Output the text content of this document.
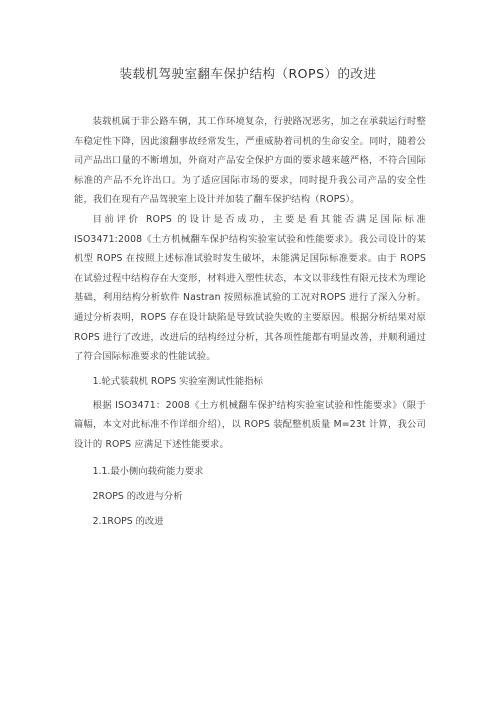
装载机驾驶室翻车保护结构（ROPS）的改进

装载机属于非公路车辆，其工作环境复杂，行驶路况恶劣，加之在承载运行时整车稳定性下降，因此滚翻事故经常发生，严重威胁着司机的生命安全。同时，随着公司产品出口量的不断增加，外商对产品安全保护方面的要求越来越严格，不符合国际标准的产品不允许出口。为了适应国际市场的要求，同时提升我公司产品的安全性能，我们在现有产品驾驶室上设计并加装了翻车保护结构（ROPS）。

目前评价 ROPS 的设计是否成功，主要是看其能否满足国际标准ISO3471:2008《土方机械翻车保护结构实验室试验和性能要求》。我公司设计的某机型 ROPS 在按照上述标准试验时发生破坏，未能满足国际标准要求。由于 ROPS 在试验过程中结构存在大变形，材料进入塑性状态，本文以非线性有限元技术为理论基础，利用结构分析软件 Nastran 按照标准试验的工况对ROPS 进行了深入分析。通过分析表明，ROPS 存在设计缺陷是导致试验失败的主要原因。根据分析结果对原 ROPS 进行了改进，改进后的结构经过分析，其各项性能都有明显改善，并顺利通过了符合国际标准要求的性能试验。

1.轮式装载机 ROPS 实验室测试性能指标

根据 ISO3471：2008《土方机械翻车保护结构实验室试验和性能要求》（限于篇幅，本文对此标准不作详细介绍），以 ROPS 装配整机质量 M=23t 计算，我公司设计的 ROPS 应满足下述性能要求。

1.1.最小侧向载荷能力要求

2ROPS 的改进与分析

2.1ROPS 的改进
